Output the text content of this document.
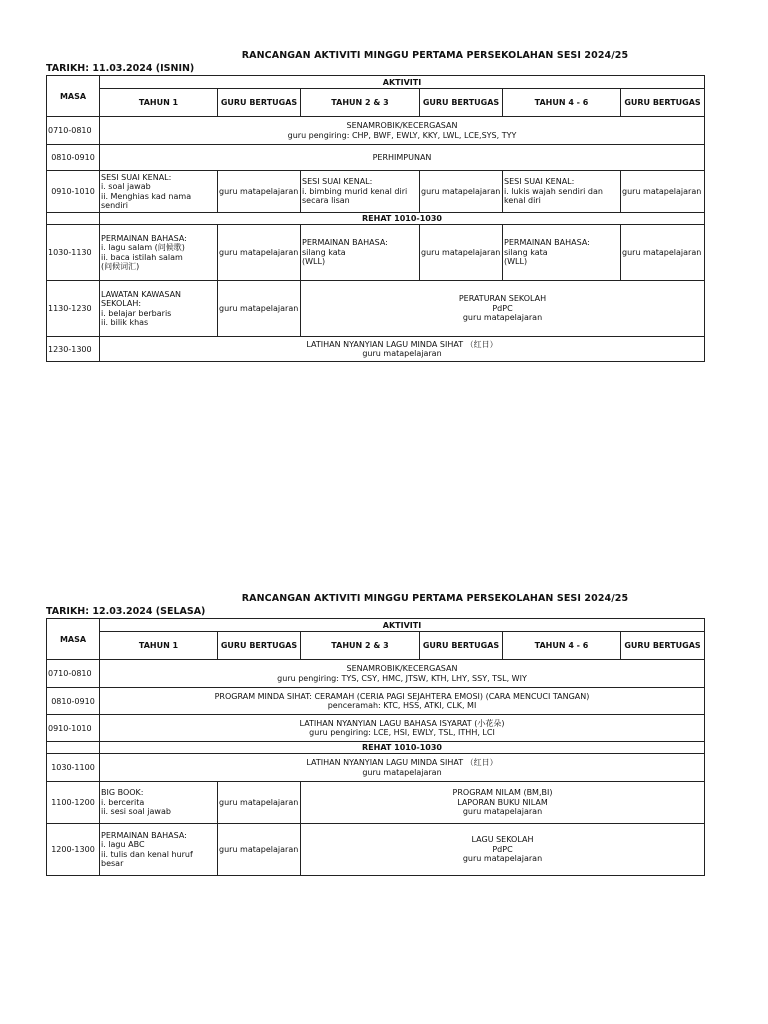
RANCANGAN AKTIVITI MINGGU PERTAMA PERSEKOLAHAN SESI 2024/25
TARIKH: 11.03.2024 (ISNIN)
MASA	AKTIVITI					
	TAHUN 1	GURU BERTUGAS	TAHUN 2 & 3	GURU BERTUGAS	TAHUN 4 - 6	GURU BERTUGAS
0710-0810	SENAMROBIK/KECERGASAN
guru pengiring: CHP, BWF, EWLY, KKY, LWL, LCE,SYS, TYY					

0810-0910	PERHIMPUNAN					
0910-1010	SESI SUAI KENAL:
i. soal jawab
ii. Menghias kad nama sendiri	guru matapelajaran	SESI SUAI KENAL:
i. bimbing murid kenal diri secara lisan	guru matapelajaran	SESI SUAI KENAL:
i. lukis wajah sendiri dan kenal diri	guru matapelajaran
	REHAT 1010-1030					
1030-1130	PERMAINAN BAHASA:
i. lagu salam (问候歌)
ii. baca istilah salam
(问候词汇)	guru matapelajaran	PERMAINAN BAHASA:
silang kata
(WLL)	guru matapelajaran	PERMAINAN BAHASA:
silang kata
(WLL)	guru matapelajaran
1130-1230	LAWATAN KAWASAN SEKOLAH:
i. belajar berbaris
ii. bilik khas	guru matapelajaran	PERATURAN SEKOLAH
PdPC
guru matapelajaran			

1230-1300	LATIHAN NYANYIAN LAGU MINDA SIHAT （红日）
guru matapelajaran					
RANCANGAN AKTIVITI MINGGU PERTAMA PERSEKOLAHAN SESI 2024/25
TARIKH: 12.03.2024 (SELASA)
MASA	AKTIVITI					
	TAHUN 1	GURU BERTUGAS	TAHUN 2 & 3	GURU BERTUGAS	TAHUN 4 - 6	GURU BERTUGAS
0710-0810	SENAMROBIK/KECERGASAN
guru pengiring: TYS, CSY, HMC, JTSW, KTH, LHY, SSY, TSL, WIY					

0810-0910	PROGRAM MINDA SIHAT: CERAMAH (CERIA PAGI SEJAHTERA EMOSI) (CARA MENCUCI TANGAN)
penceramah: KTC, HSS, ATKI, CLK, MI					

0910-1010	LATIHAN NYANYIAN LAGU BAHASA ISYARAT (小花朵)
guru pengiring: LCE, HSI, EWLY, TSL, ITHH, LCI					

	REHAT 1010-1030					
1030-1100	LATIHAN NYANYIAN LAGU MINDA SIHAT （红日）
guru matapelajaran					

1100-1200	BIG BOOK:
i. bercerita
ii. sesi soal jawab	guru matapelajaran	PROGRAM NILAM (BM,BI)
LAPORAN BUKU NILAM
guru matapelajaran			

1200-1300	PERMAINAN BAHASA:
i. lagu ABC
ii. tulis dan kenal huruf besar	guru matapelajaran	LAGU SEKOLAH
PdPC
guru matapelajaran			
